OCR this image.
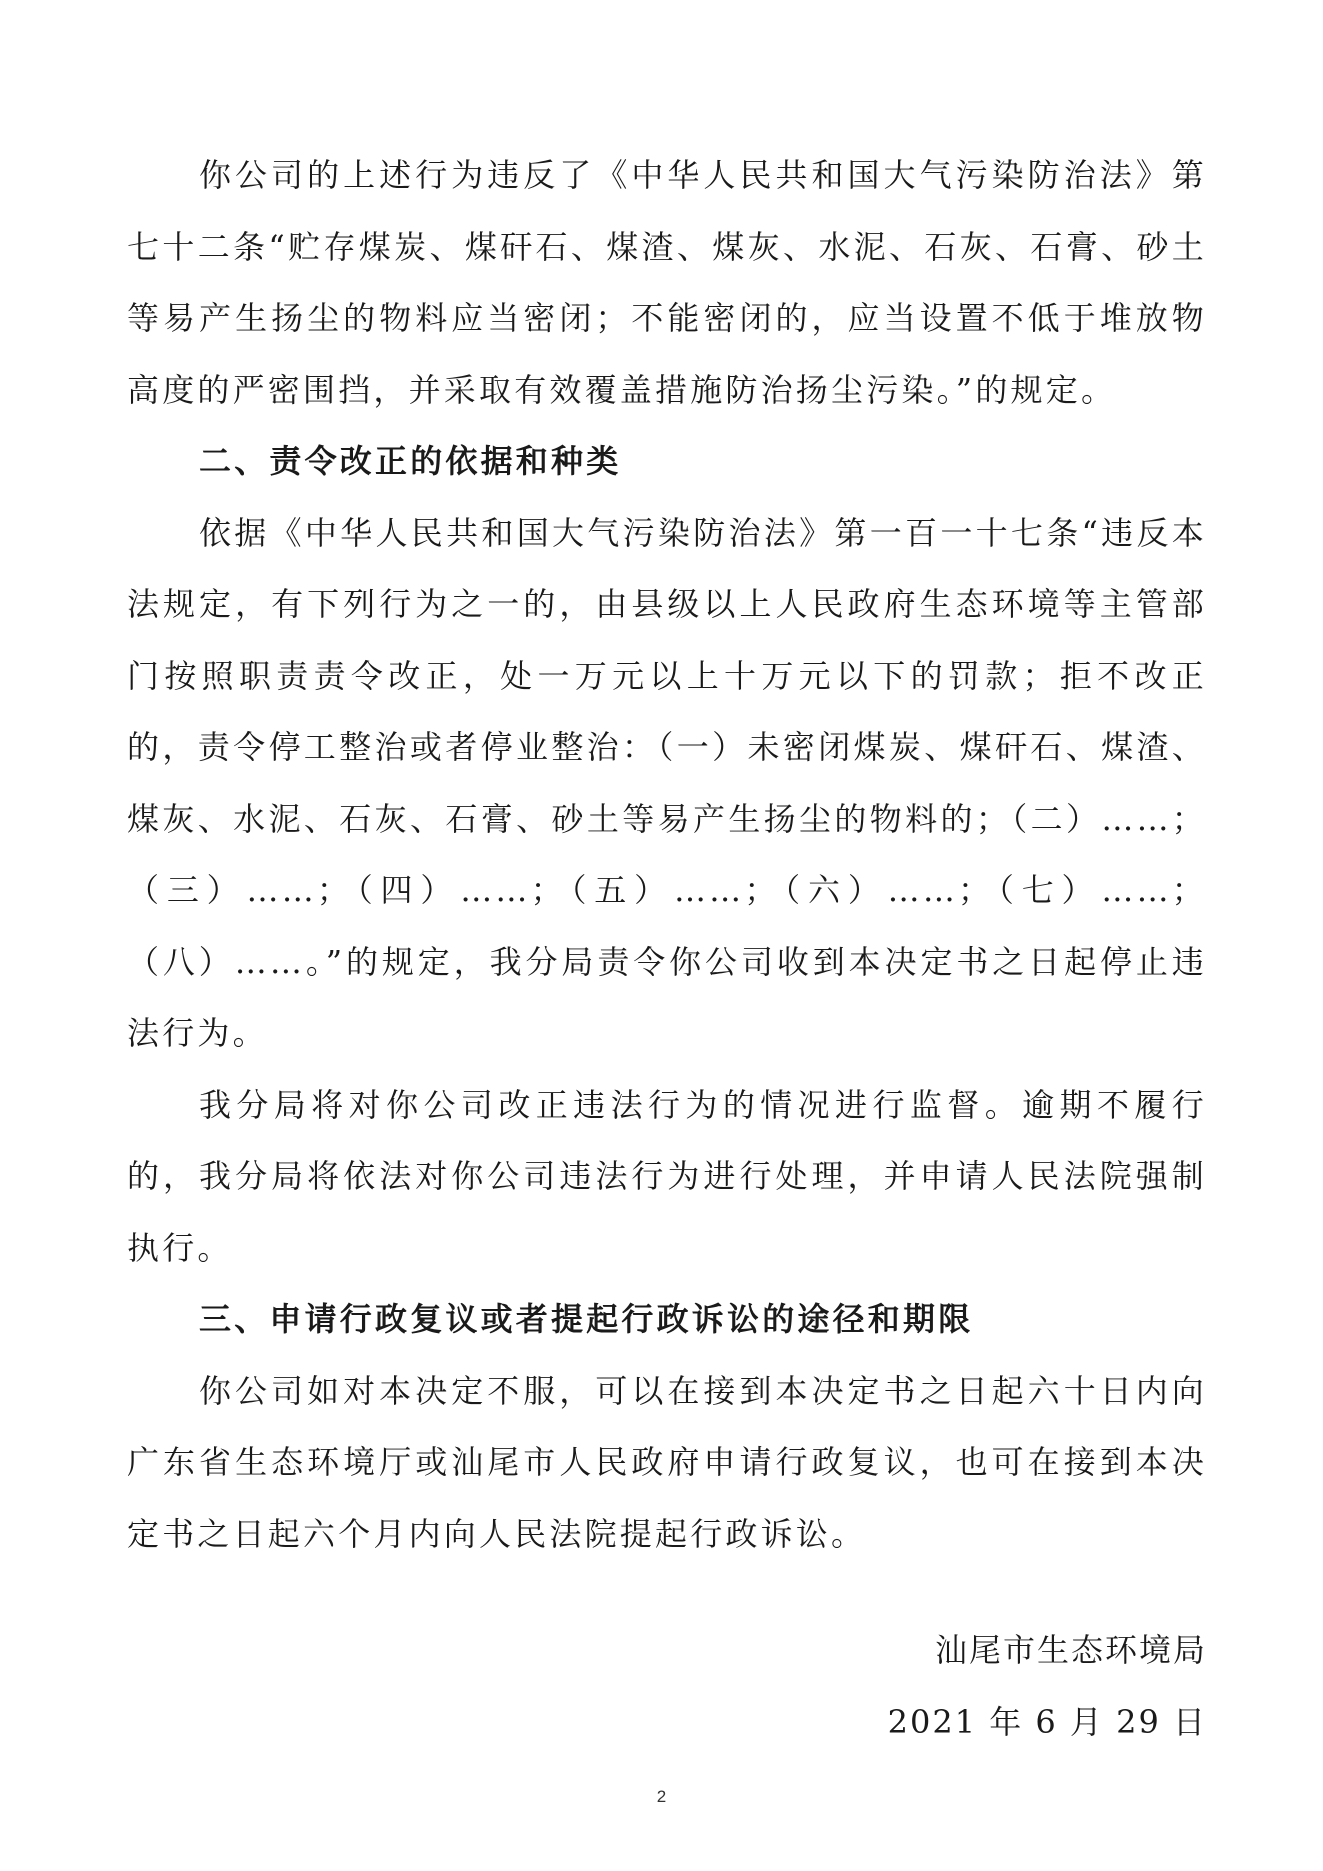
你公司的上述行为违反了《中华人民共和国大气污染防治法》第七十二条“贮存煤炭、煤矸石、煤渣、煤灰、水泥、石灰、石膏、砂土等易产生扬尘的物料应当密闭；不能密闭的，应当设置不低于堆放物高度的严密围挡，并采取有效覆盖措施防治扬尘污染。”的规定。

二、责令改正的依据和种类

依据《中华人民共和国大气污染防治法》第一百一十七条“违反本法规定，有下列行为之一的，由县级以上人民政府生态环境等主管部门按照职责责令改正，处一万元以上十万元以下的罚款；拒不改正的，责令停工整治或者停业整治：（一）未密闭煤炭、煤矸石、煤渣、煤灰、水泥、石灰、石膏、砂土等易产生扬尘的物料的；（二）……；（三）……；（四）……；（五）……；（六）……；（七）……；（八）……。”的规定，我分局责令你公司收到本决定书之日起停止违法行为。

我分局将对你公司改正违法行为的情况进行监督。逾期不履行的，我分局将依法对你公司违法行为进行处理，并申请人民法院强制执行。

三、申请行政复议或者提起行政诉讼的途径和期限

你公司如对本决定不服，可以在接到本决定书之日起六十日内向广东省生态环境厅或汕尾市人民政府申请行政复议，也可在接到本决定书之日起六个月内向人民法院提起行政诉讼。

汕尾市生态环境局
2021 年 6 月 29 日
2
